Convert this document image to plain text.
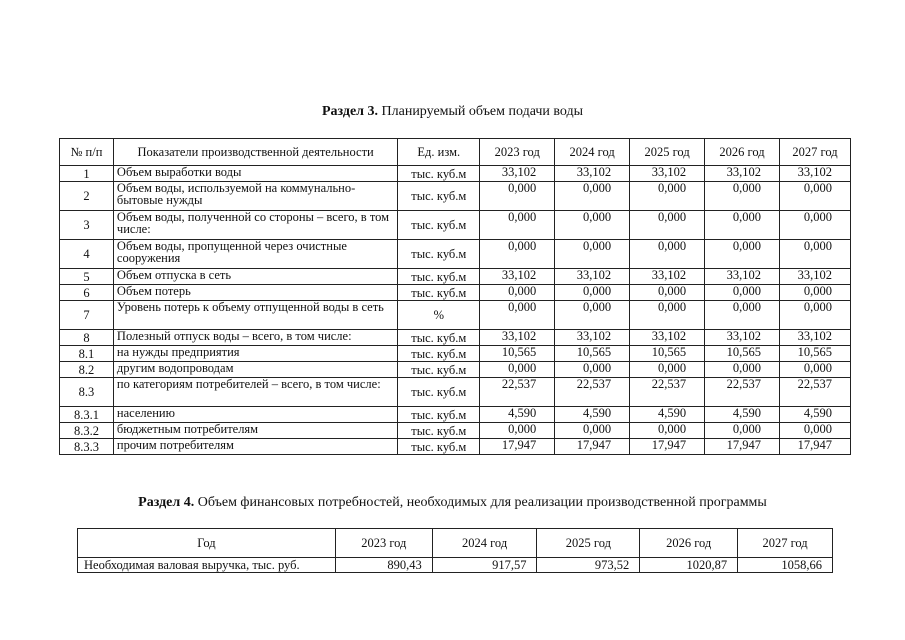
Раздел 3. Планируемый объем подачи воды
№ п/п	Показатели производственной деятельности	Ед. изм.	2023 год	2024 год	2025 год	2026 год	2027 год
1	Объем выработки воды	тыс. куб.м	33,102	33,102	33,102	33,102	33,102
2	Объем воды, используемой на коммунально-бытовые нужды	тыс. куб.м	0,000	0,000	0,000	0,000	0,000
3	Объем воды, полученной со стороны – всего, в том числе:	тыс. куб.м	0,000	0,000	0,000	0,000	0,000
4	Объем воды, пропущенной через очистные сооружения	тыс. куб.м	0,000	0,000	0,000	0,000	0,000
5	Объем отпуска в сеть	тыс. куб.м	33,102	33,102	33,102	33,102	33,102
6	Объем потерь	тыс. куб.м	0,000	0,000	0,000	0,000	0,000
7	Уровень потерь к объему отпущенной воды в сеть	%	0,000	0,000	0,000	0,000	0,000
8	Полезный отпуск воды – всего, в том числе:	тыс. куб.м	33,102	33,102	33,102	33,102	33,102
8.1	на нужды предприятия	тыс. куб.м	10,565	10,565	10,565	10,565	10,565
8.2	другим водопроводам	тыс. куб.м	0,000	0,000	0,000	0,000	0,000
8.3	по категориям потребителей – всего, в том числе:	тыс. куб.м	22,537	22,537	22,537	22,537	22,537
8.3.1	населению	тыс. куб.м	4,590	4,590	4,590	4,590	4,590
8.3.2	бюджетным потребителям	тыс. куб.м	0,000	0,000	0,000	0,000	0,000
8.3.3	прочим потребителям	тыс. куб.м	17,947	17,947	17,947	17,947	17,947
Раздел 4. Объем финансовых потребностей, необходимых для реализации производственной программы
Год	2023 год	2024 год	2025 год	2026 год	2027 год
Необходимая валовая выручка, тыс. руб.	890,43	917,57	973,52	1020,87	1058,66
